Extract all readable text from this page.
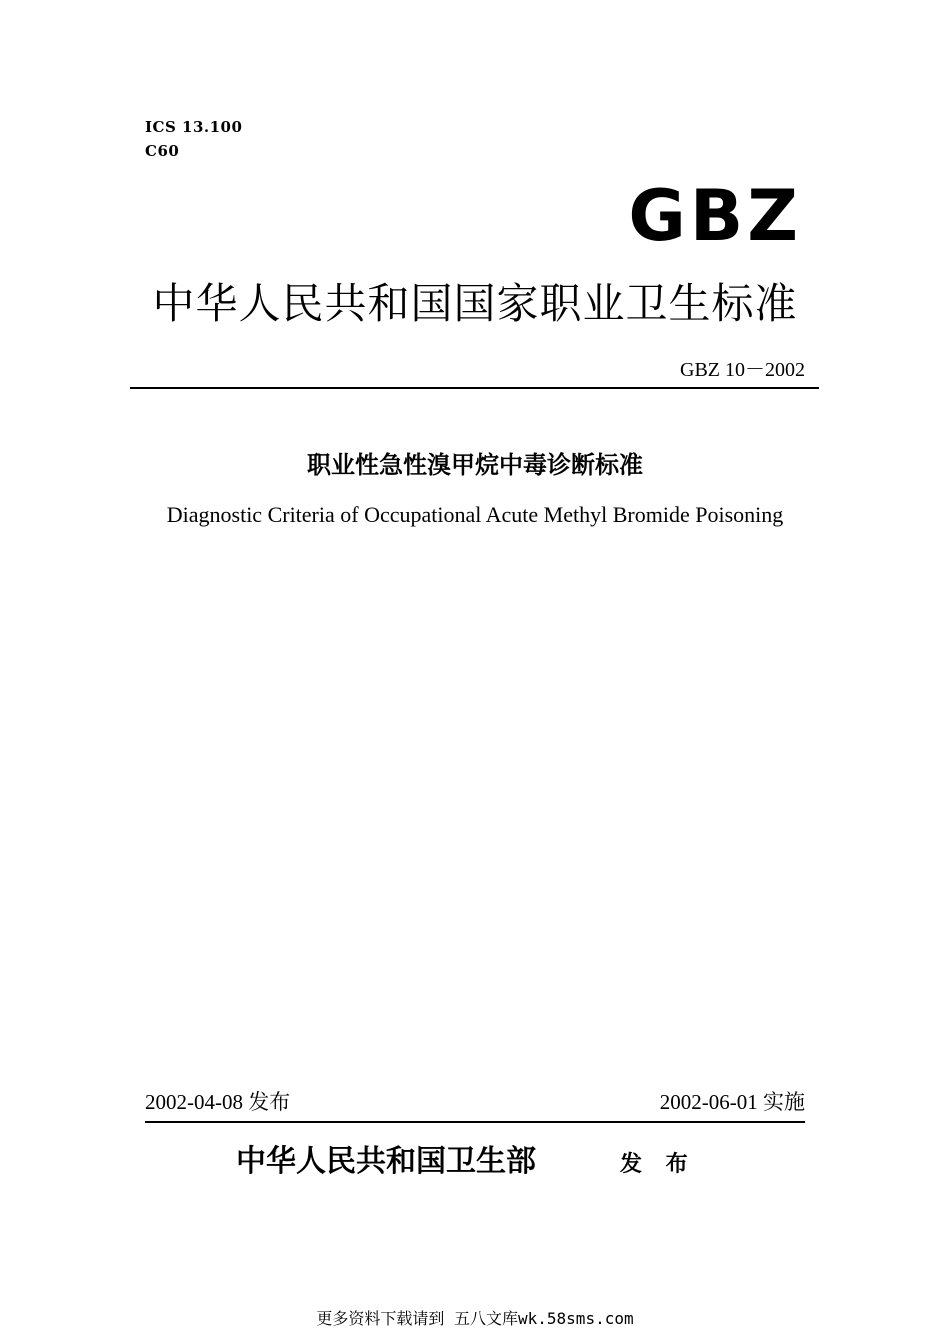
ICS 13.100
C60
GBZ
中华人民共和国国家职业卫生标准
GBZ 10－2002
职业性急性溴甲烷中毒诊断标准
Diagnostic Criteria of Occupational Acute Methyl Bromide Poisoning
2002-04-08 发布	2002-06-01 实施
中华人民共和国卫生部	发 布
更多资料下载请到 五八文库wk.58sms.com
